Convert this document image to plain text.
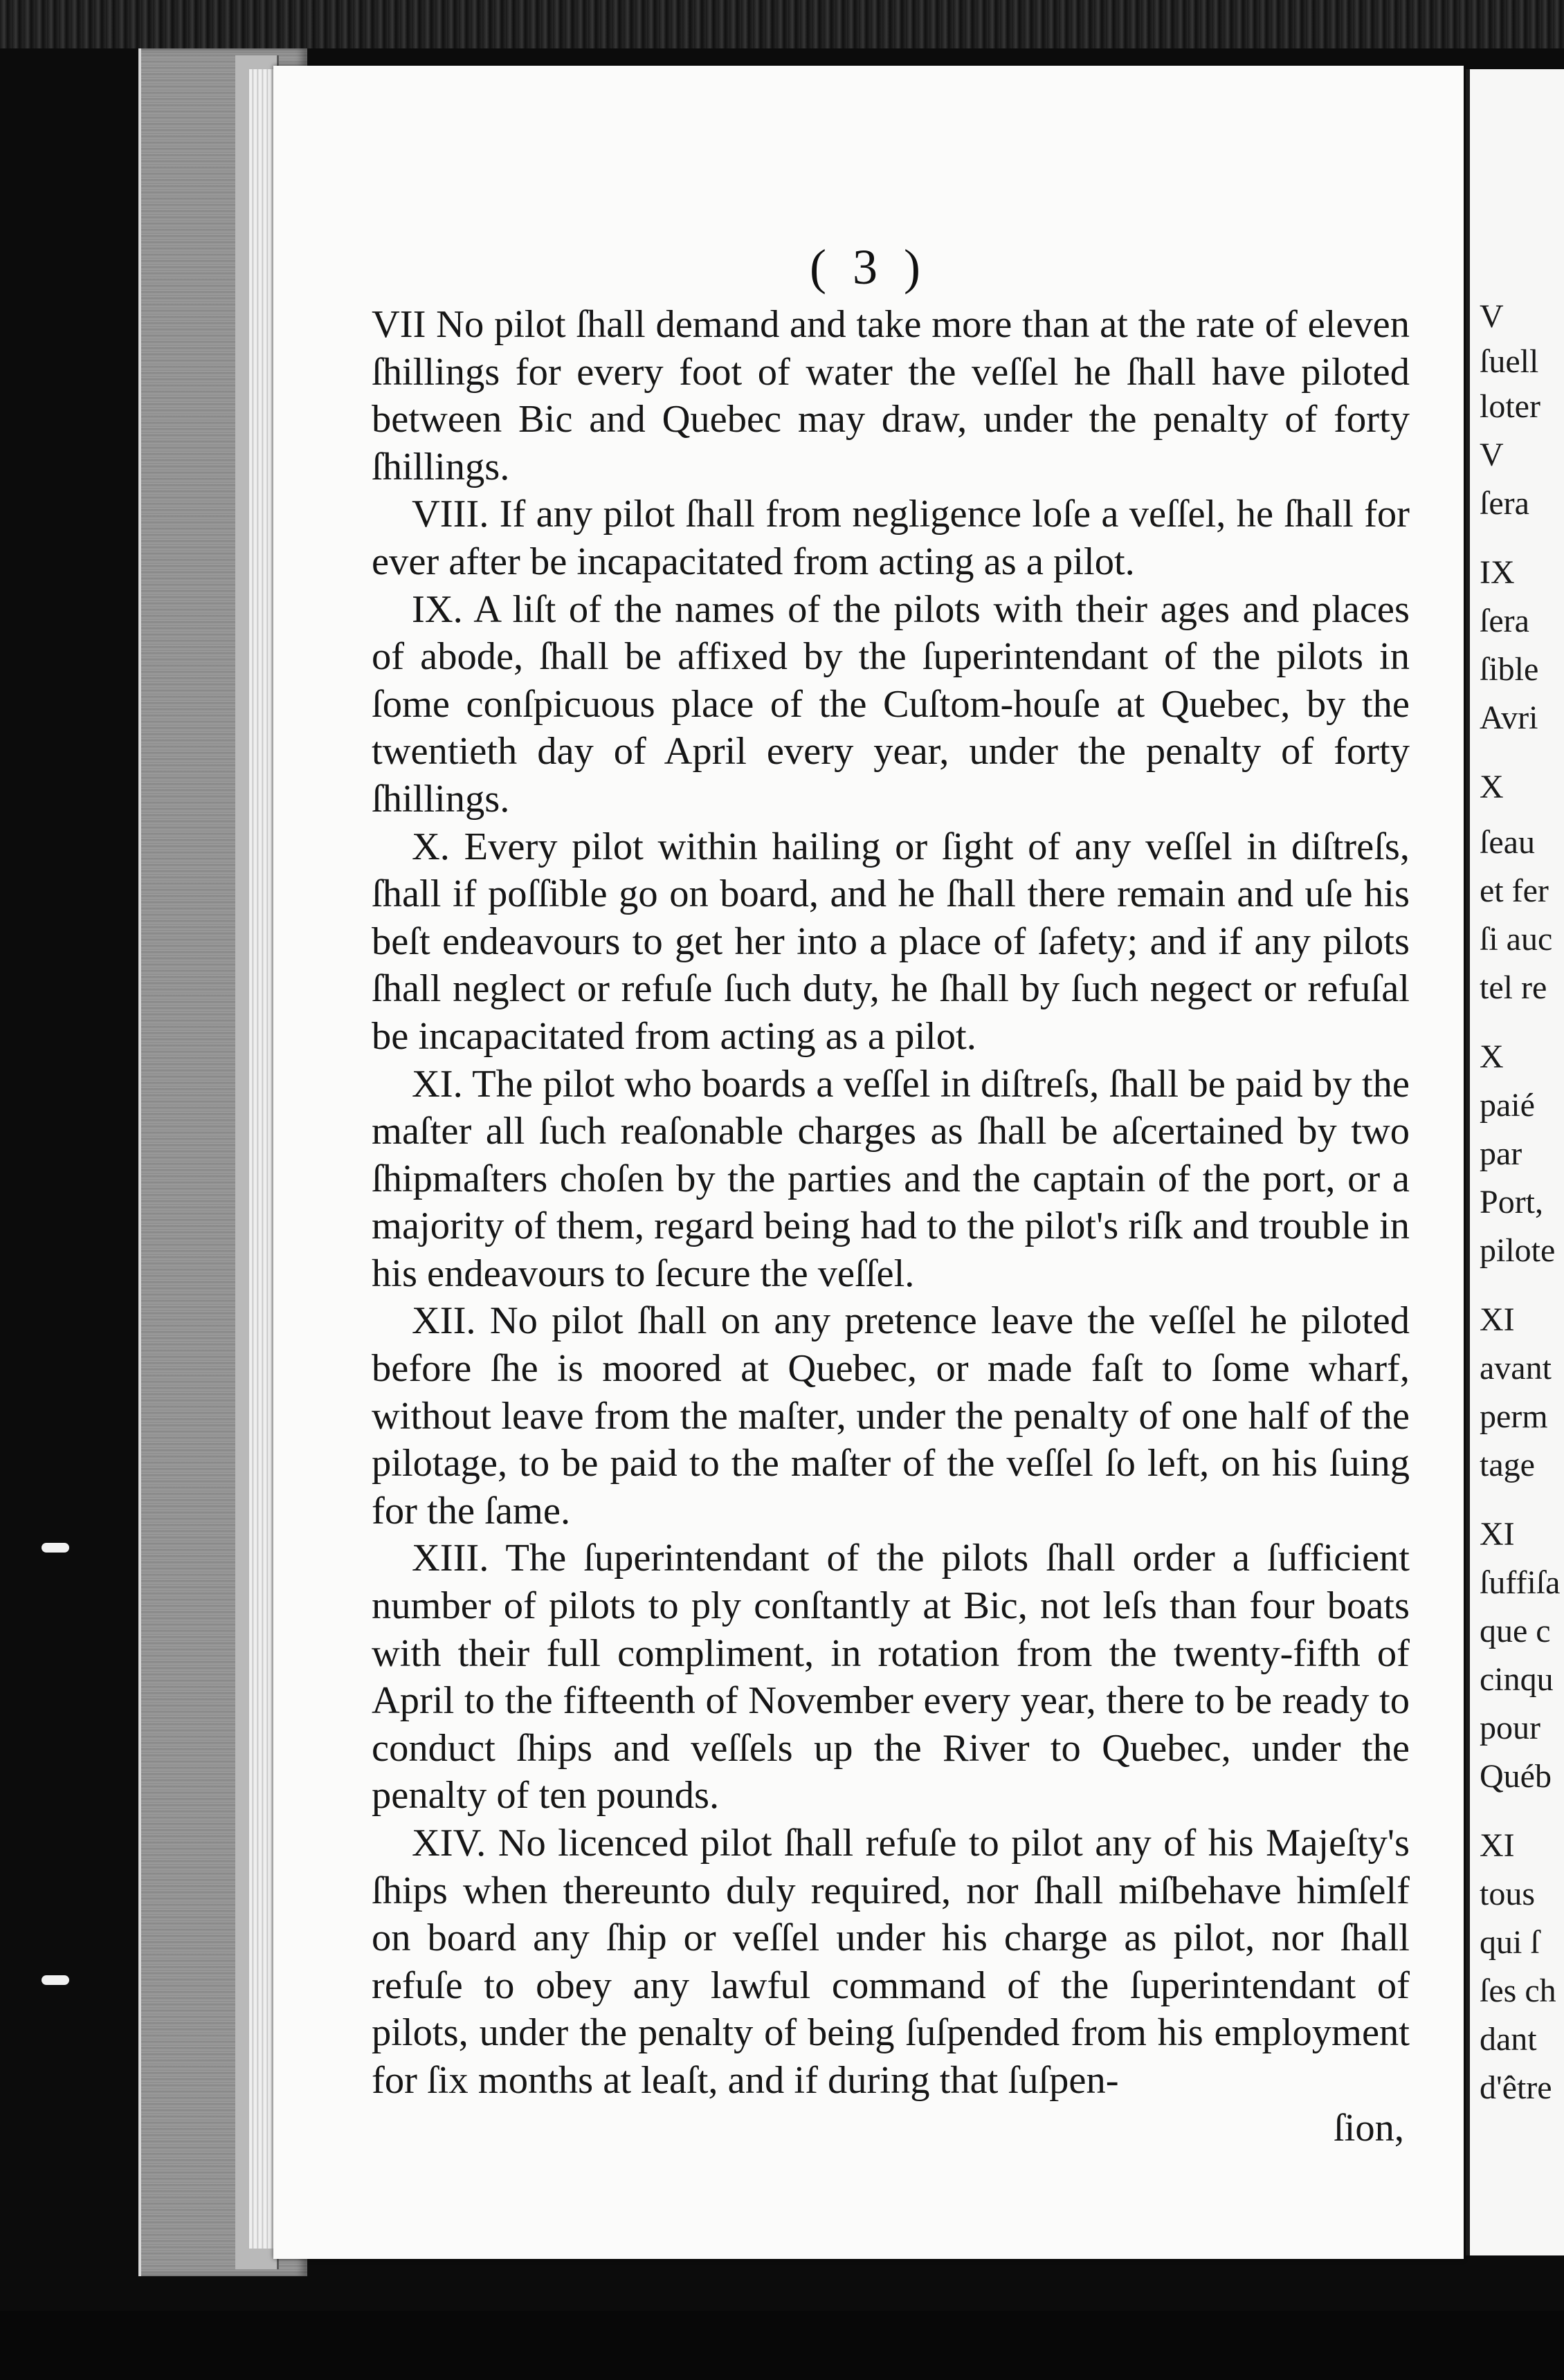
( 3 )

VII No pilot ſhall demand and take more than at the rate of eleven ſhillings for every foot of water the veſſel he ſhall have piloted between Bic and Quebec may draw, under the penalty of forty ſhillings.

VIII. If any pilot ſhall from negligence loſe a veſſel, he ſhall for ever after be incapacitated from acting as a pilot.

IX. A liſt of the names of the pilots with their ages and places of abode, ſhall be affixed by the ſuperintendant of the pilots in ſome conſpicuous place of the Cuſtom-houſe at Quebec, by the twentieth day of April every year, under the penalty of forty ſhillings.

X. Every pilot within hailing or ſight of any veſſel in diſtreſs, ſhall if poſſible go on board, and he ſhall there remain and uſe his beſt endeavours to get her into a place of ſafety; and if any pilots ſhall neglect or refuſe ſuch duty, he ſhall by ſuch negect or refuſal be incapacitated from acting as a pilot.

XI. The pilot who boards a veſſel in diſtreſs, ſhall be paid by the maſter all ſuch reaſonable charges as ſhall be aſcertained by two ſhipmaſters choſen by the parties and the captain of the port, or a majority of them, regard being had to the pilot's riſk and trouble in his endeavours to ſecure the veſſel.

XII. No pilot ſhall on any pretence leave the veſſel he piloted before ſhe is moored at Quebec, or made faſt to ſome wharf, without leave from the maſter, under the penalty of one half of the pilotage, to be paid to the maſter of the veſſel ſo left, on his ſuing for the ſame.

XIII. The ſuperintendant of the pilots ſhall order a ſufficient number of pilots to ply conſtantly at Bic, not leſs than four boats with their full compliment, in rotation from the twenty-fifth of April to the fifteenth of November every year, there to be ready to conduct ſhips and veſſels up the River to Quebec, under the penalty of ten pounds.

XIV. No licenced pilot ſhall refuſe to pilot any of his Majeſty's ſhips when thereunto duly required, nor ſhall miſbehave himſelf on board any ſhip or veſſel under his charge as pilot, nor ſhall refuſe to obey any lawful command of the ſuperintendant of pilots, under the penalty of being ſuſpended from his employment for ſix months at leaſt, and if during that ſuſpen-

ſion,

V
ſuell
loter
V
ſera
IX
ſera
ſible
Avri
X
ſeau
et fer
ſi auc
tel re
X
paié
par
Port,
pilote
XI
avant
perm
tage
XI
ſuffiſa
que c
cinqu
pour
Québ
XI
tous
qui ſ
ſes ch
dant
d'être
